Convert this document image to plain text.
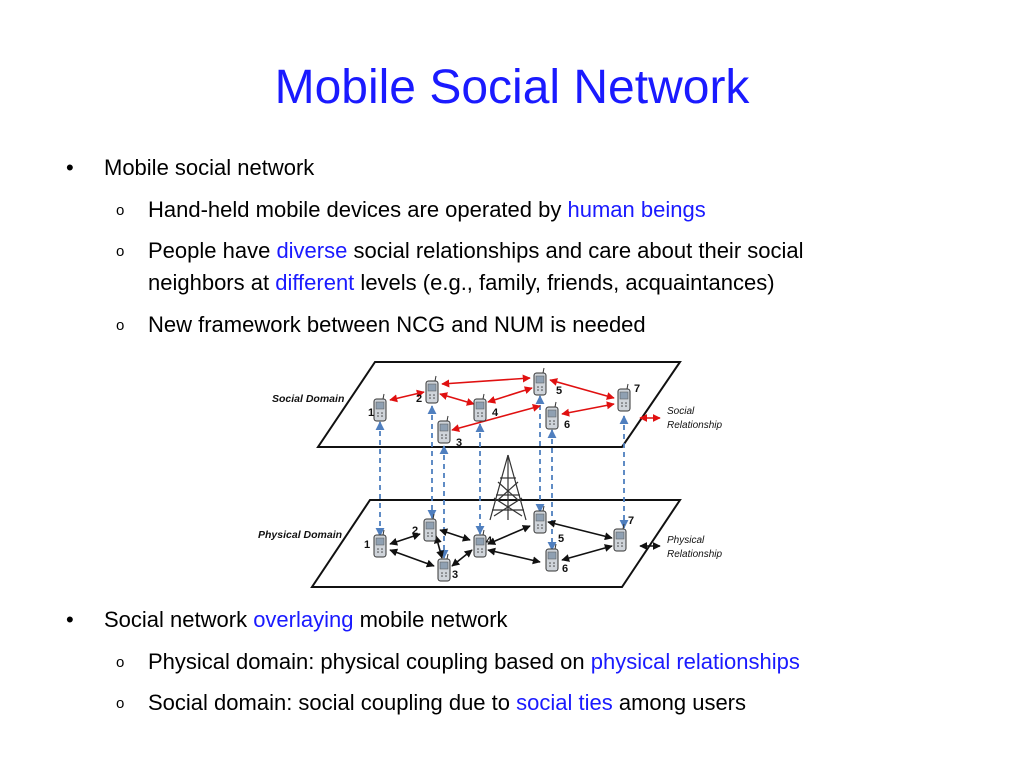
Mobile Social Network
• Mobile social network
o Hand-held mobile devices are operated by human beings
o People have diverse social relationships and care about their social
neighbors at different levels (e.g., family, friends, acquaintances)
o New framework between NCG and NUM is needed
• Social network overlaying mobile network
o Physical domain: physical coupling based on physical relationships
o Social domain: social coupling due to social ties among users
1
2
3
4
5
6
7
1
2
3
4	5
6
7
Social Domain
Physical Domain
Social
Relationship
Physical
Relationship
